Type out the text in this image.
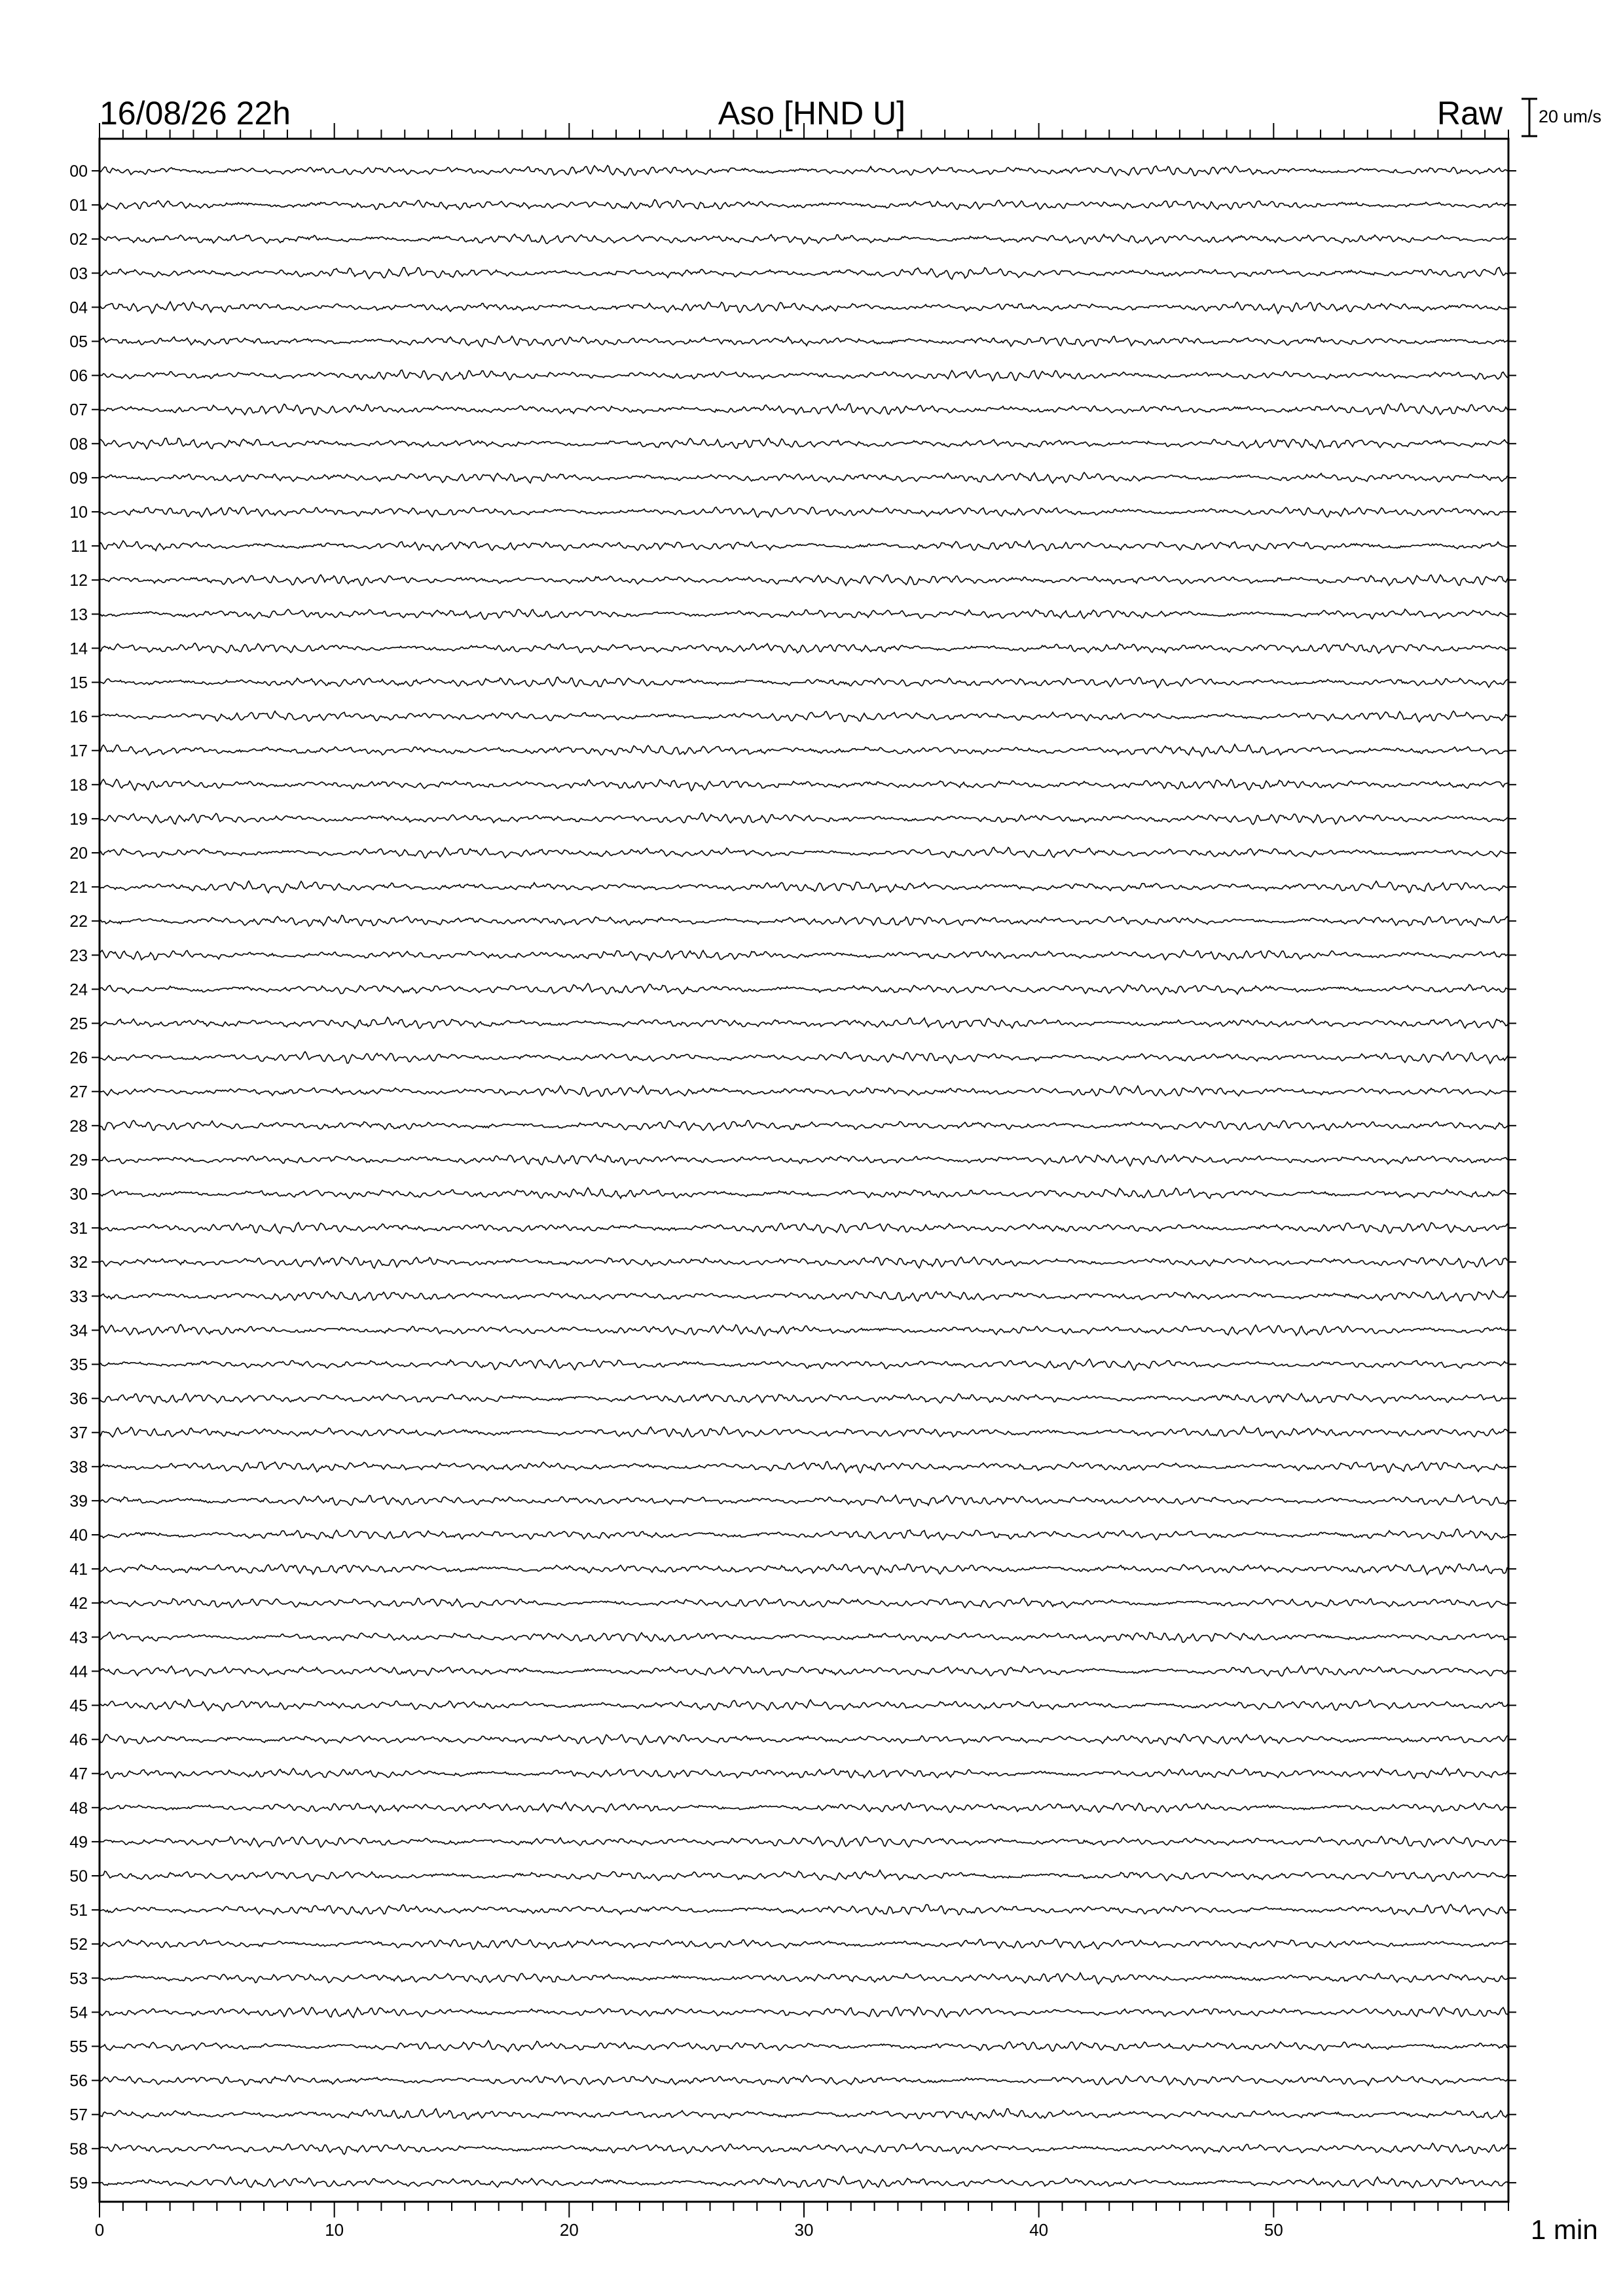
00
01
02
03
04
05
06
07
08
09
10
11
12
13
14
15
16
17
18
19
20
21
22
23
24
25
26
27
28
29
30
31
32
33
34
35
36
37
38
39
40
41
42
43
44
45
46
47
48
49
50
51
52
53
54
55
56
57
58
59
0	10	20	30	40	50
16/08/26 22h	Aso [HND U]	Raw 20 um/s
1 min
